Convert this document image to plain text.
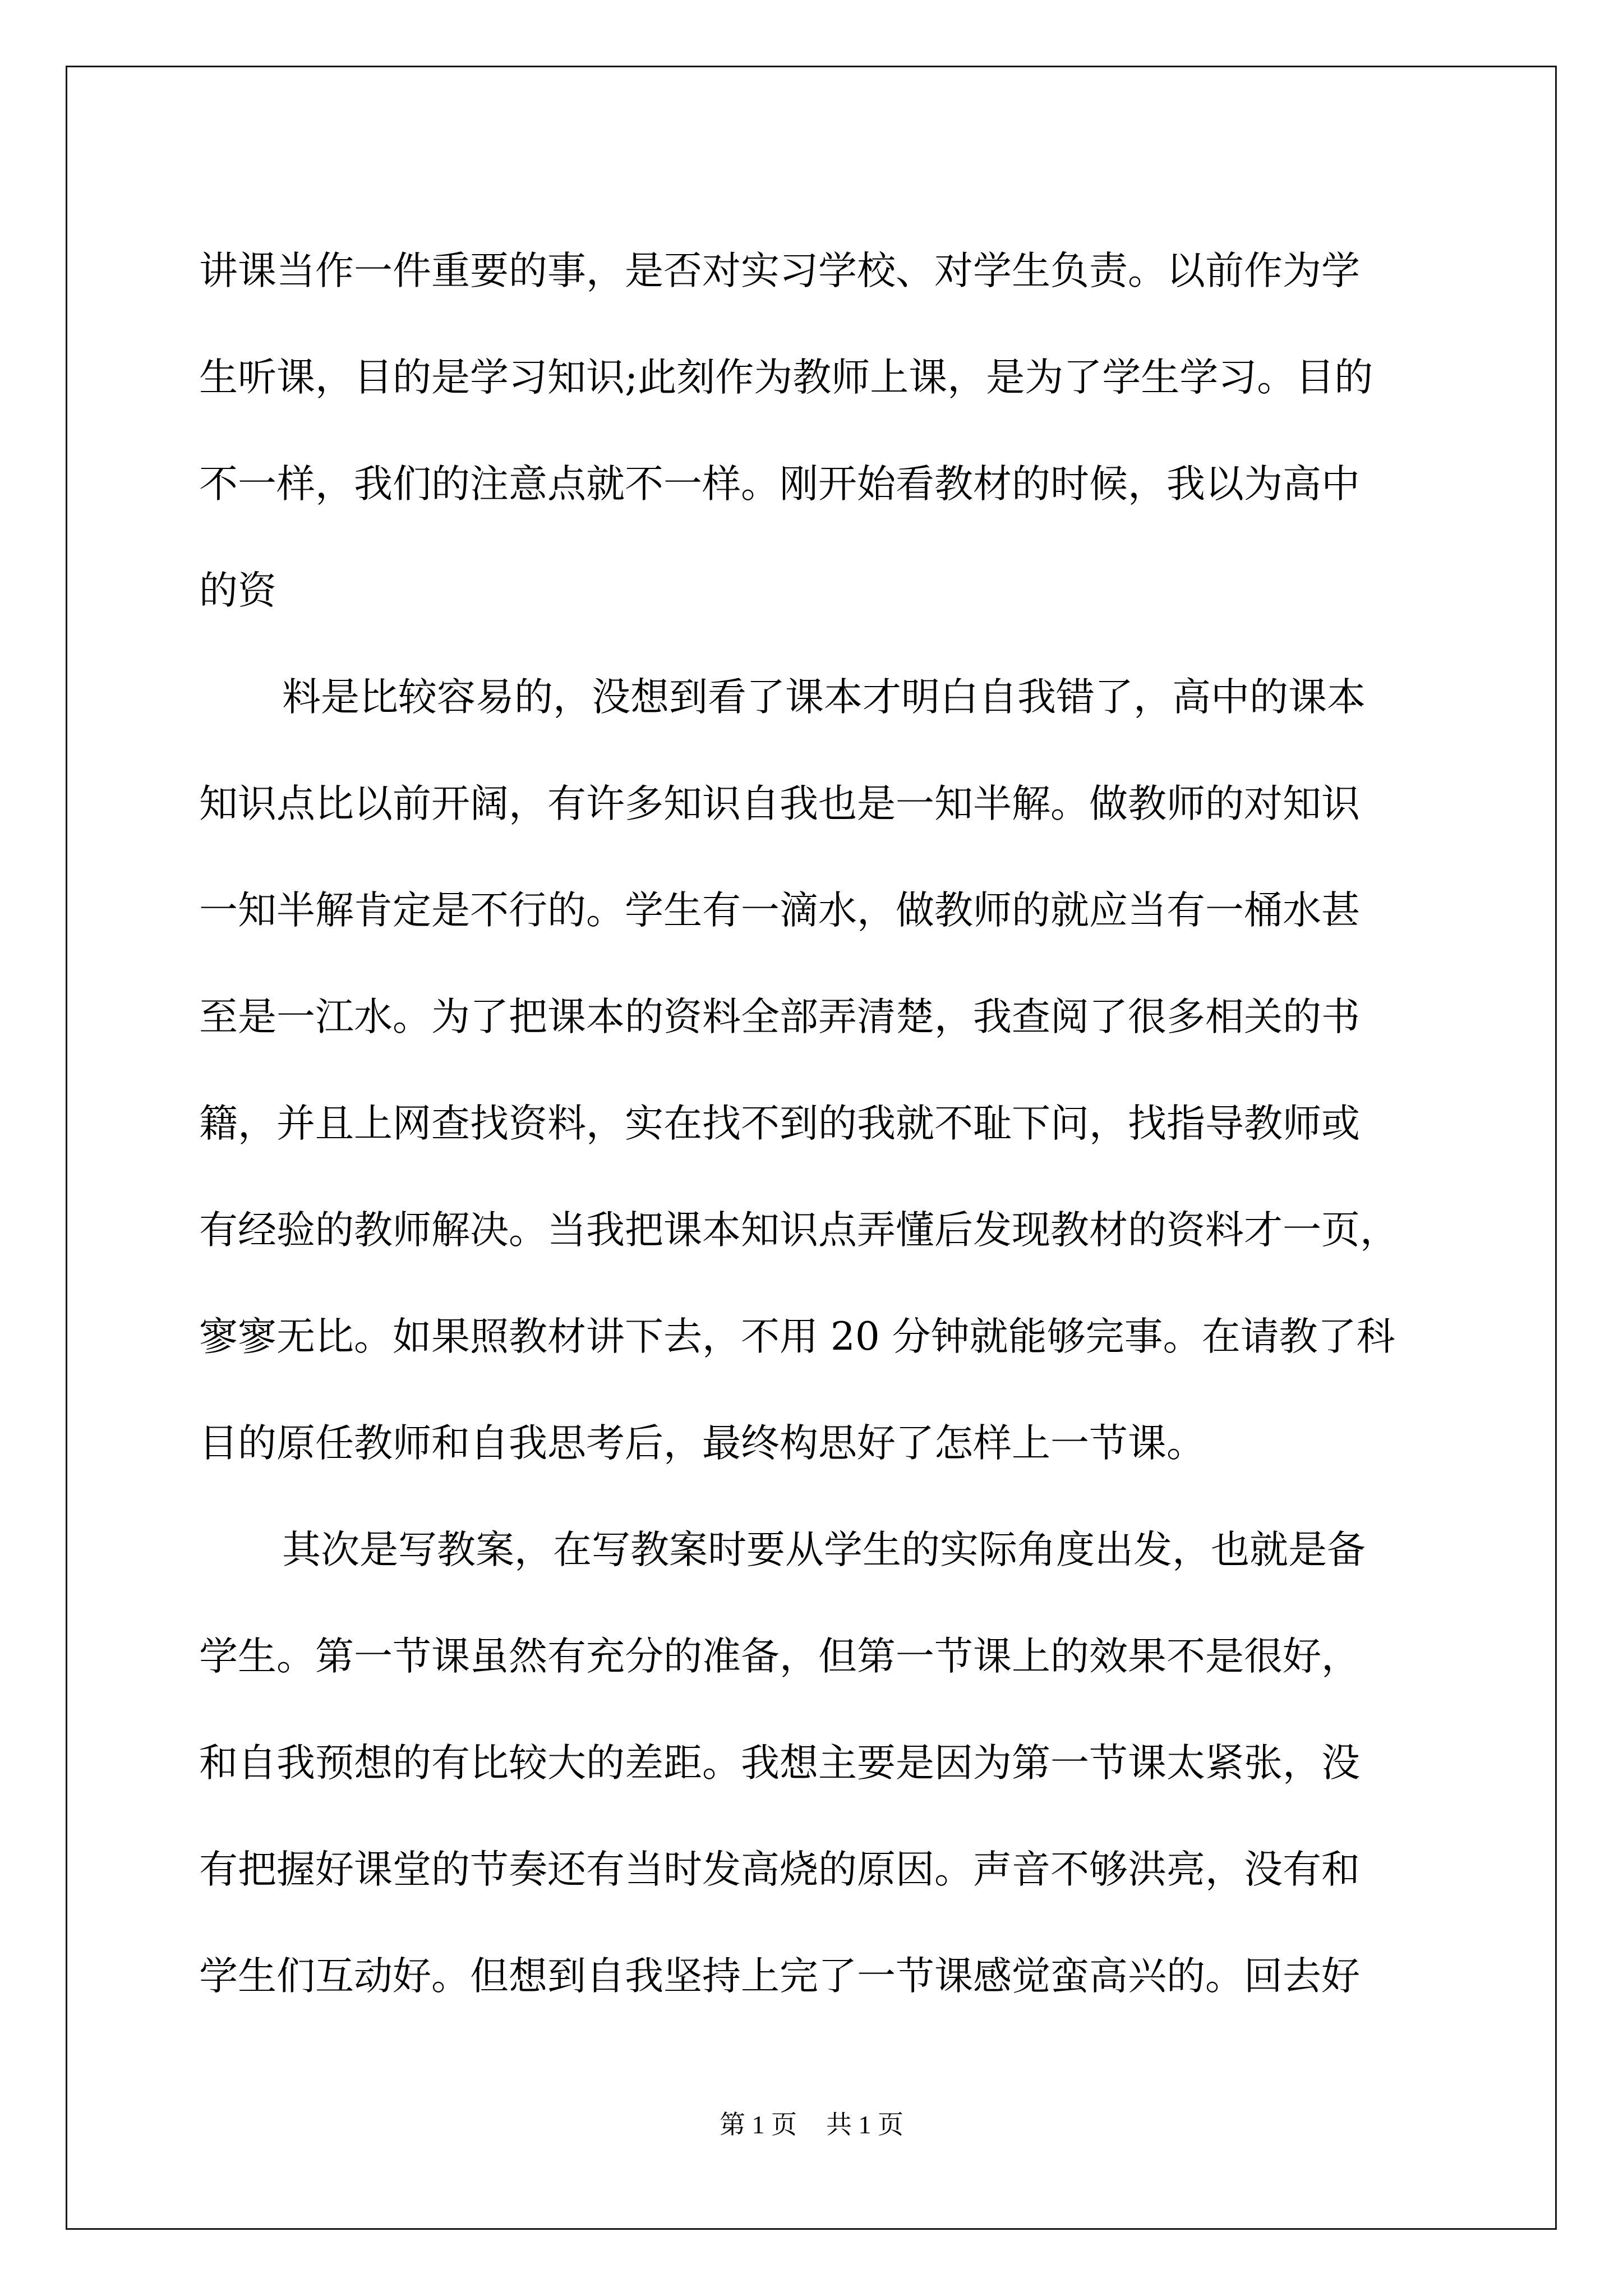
讲课当作一件重要的事，是否对实习学校、对学生负责。以前作为学
生听课，目的是学习知识;此刻作为教师上课，是为了学生学习。目的
不一样，我们的注意点就不一样。刚开始看教材的时候，我以为高中
的资

料是比较容易的，没想到看了课本才明白自我错了，高中的课本
知识点比以前开阔，有许多知识自我也是一知半解。做教师的对知识
一知半解肯定是不行的。学生有一滴水，做教师的就应当有一桶水甚
至是一江水。为了把课本的资料全部弄清楚，我查阅了很多相关的书
籍，并且上网查找资料，实在找不到的我就不耻下问，找指导教师或
有经验的教师解决。当我把课本知识点弄懂后发现教材的资料才一页，
寥寥无比。如果照教材讲下去，不用 20 分钟就能够完事。在请教了科
目的原任教师和自我思考后，最终构思好了怎样上一节课。

其次是写教案，在写教案时要从学生的实际角度出发，也就是备
学生。第一节课虽然有充分的准备，但第一节课上的效果不是很好，
和自我预想的有比较大的差距。我想主要是因为第一节课太紧张，没
有把握好课堂的节奏还有当时发高烧的原因。声音不够洪亮，没有和
学生们互动好。但想到自我坚持上完了一节课感觉蛮高兴的。回去好

第 1 页 共 1 页
